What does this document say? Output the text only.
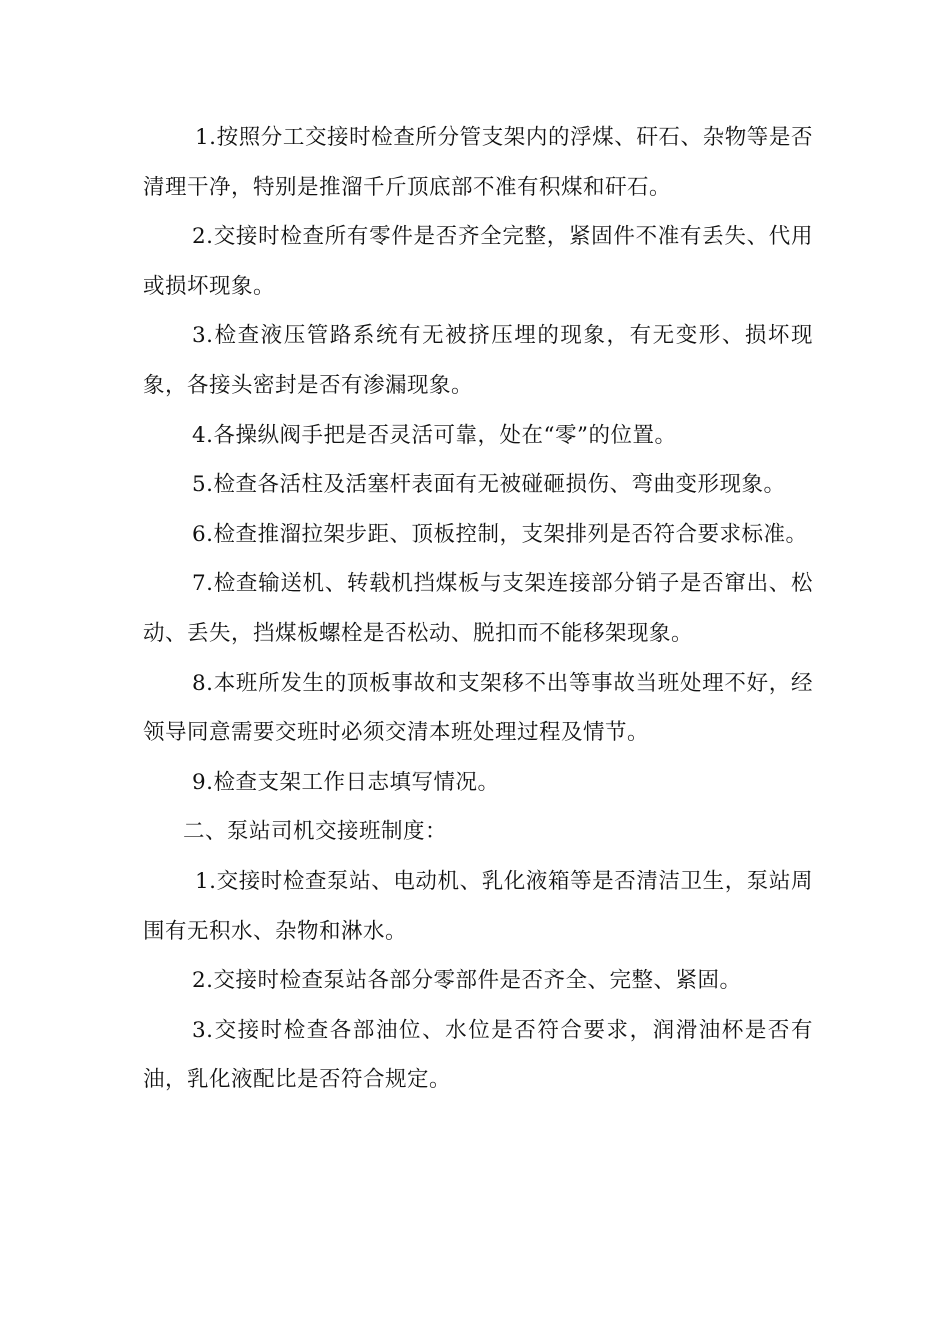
1.按照分工交接时检查所分管支架内的浮煤、矸石、杂物等是否清理干净，特别是推溜千斤顶底部不准有积煤和矸石。

2.交接时检查所有零件是否齐全完整，紧固件不准有丢失、代用或损坏现象。

3.检查液压管路系统有无被挤压埋的现象，有无变形、损坏现象，各接头密封是否有渗漏现象。

4.各操纵阀手把是否灵活可靠，处在“零”的位置。

5.检查各活柱及活塞杆表面有无被碰砸损伤、弯曲变形现象。

6.检查推溜拉架步距、顶板控制，支架排列是否符合要求标准。

7.检查输送机、转载机挡煤板与支架连接部分销子是否窜出、松动、丢失，挡煤板螺栓是否松动、脱扣而不能移架现象。

8.本班所发生的顶板事故和支架移不出等事故当班处理不好，经领导同意需要交班时必须交清本班处理过程及情节。

9.检查支架工作日志填写情况。

二、泵站司机交接班制度：

1.交接时检查泵站、电动机、乳化液箱等是否清洁卫生，泵站周围有无积水、杂物和淋水。

2.交接时检查泵站各部分零部件是否齐全、完整、紧固。

3.交接时检查各部油位、水位是否符合要求，润滑油杯是否有油，乳化液配比是否符合规定。
